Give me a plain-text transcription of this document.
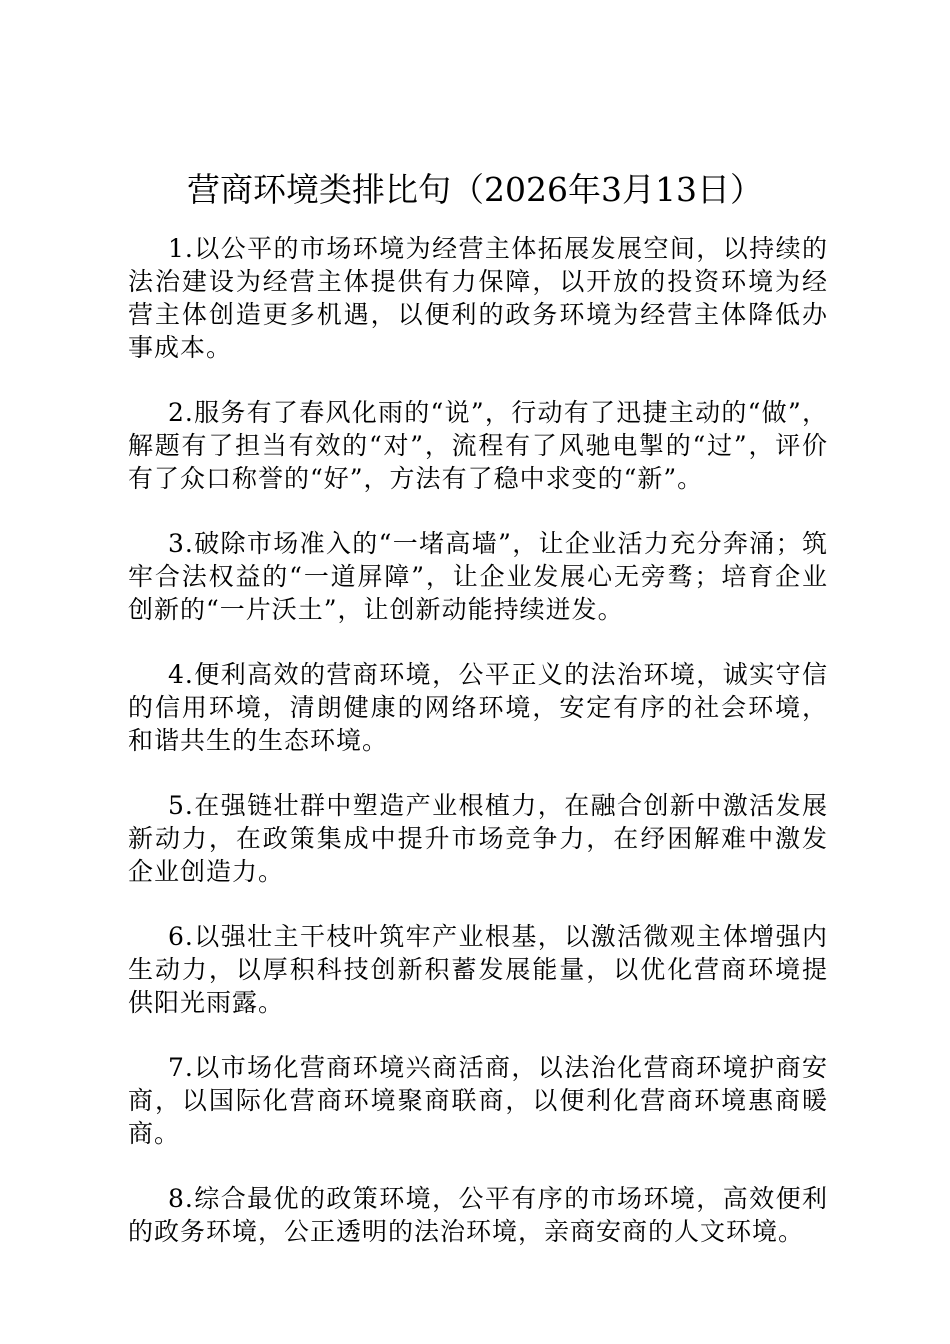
营商环境类排比句（2026年3月13日）

1.以公平的市场环境为经营主体拓展发展空间，以持续的法治建设为经营主体提供有力保障，以开放的投资环境为经营主体创造更多机遇，以便利的政务环境为经营主体降低办事成本。

2.服务有了春风化雨的“说”，行动有了迅捷主动的“做”，解题有了担当有效的“对”，流程有了风驰电掣的“过”，评价有了众口称誉的“好”，方法有了稳中求变的“新”。

3.破除市场准入的“一堵高墙”，让企业活力充分奔涌；筑牢合法权益的“一道屏障”，让企业发展心无旁骛；培育企业创新的“一片沃土”，让创新动能持续迸发。

4.便利高效的营商环境，公平正义的法治环境，诚实守信的信用环境，清朗健康的网络环境，安定有序的社会环境，和谐共生的生态环境。

5.在强链壮群中塑造产业根植力，在融合创新中激活发展新动力，在政策集成中提升市场竞争力，在纾困解难中激发企业创造力。

6.以强壮主干枝叶筑牢产业根基，以激活微观主体增强内生动力，以厚积科技创新积蓄发展能量，以优化营商环境提供阳光雨露。

7.以市场化营商环境兴商活商，以法治化营商环境护商安商，以国际化营商环境聚商联商，以便利化营商环境惠商暖商。

8.综合最优的政策环境，公平有序的市场环境，高效便利的政务环境，公正透明的法治环境，亲商安商的人文环境。
